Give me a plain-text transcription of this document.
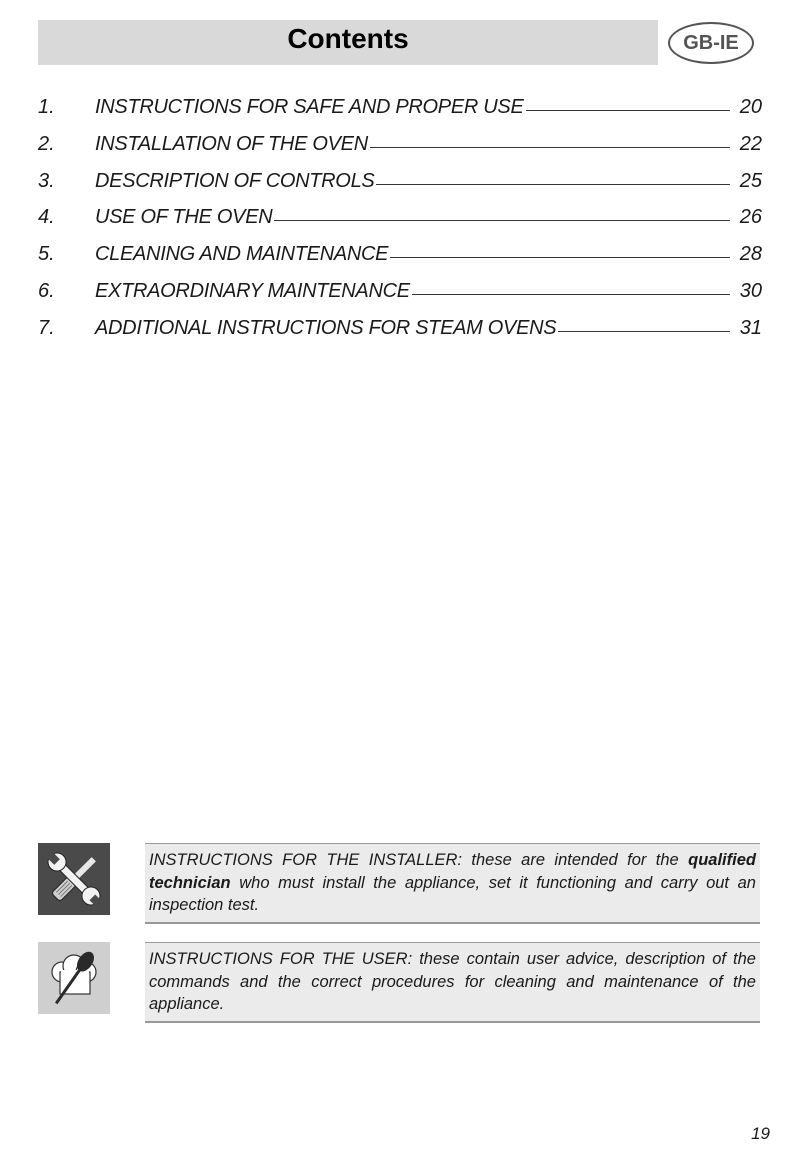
Contents	GB-IE
1.	INSTRUCTIONS FOR SAFE AND PROPER USE	20
2.	INSTALLATION OF THE OVEN	22
3.	DESCRIPTION OF CONTROLS	25
4.	USE OF THE OVEN	26
5.	CLEANING AND MAINTENANCE	28
6.	EXTRAORDINARY MAINTENANCE	30
7.	ADDITIONAL INSTRUCTIONS FOR STEAM OVENS	31
INSTRUCTIONS FOR THE INSTALLER: these are intended for the qualified technician who must install the appliance, set it functioning and carry out an inspection test.
INSTRUCTIONS FOR THE USER: these contain user advice, description of the commands and the correct procedures for cleaning and maintenance of the appliance.
19
